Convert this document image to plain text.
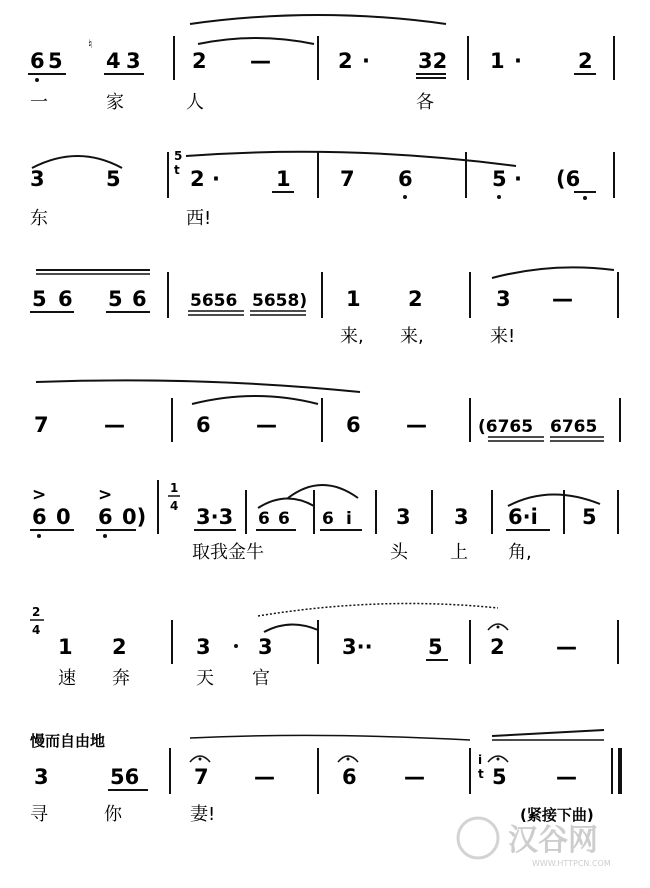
6 5
♮
4 3 2 —	2 · 32 1 ·	2
一	家	人	各
3	5
5
t 2 ·	1 7 6	5 · (6
东	西!
5 6 5 6	5656 5658) 1 2	3 —
来, 来,	来!
7	—	6 —	6 —	(6765 6765
>	>
6 0 6 0)
1
4 3·3 6 6 6 i 3 3 6·i 5
取我金牛	头 上 角,
2
4
1 2	3 3	3··	5 2 —
速 奔	天 官
慢而自由地
3	56	7 —	6 —
i
t 5 —
寻	你	妻!	(紧接下曲)
汉谷网
WWW.HTTPCN.COM
